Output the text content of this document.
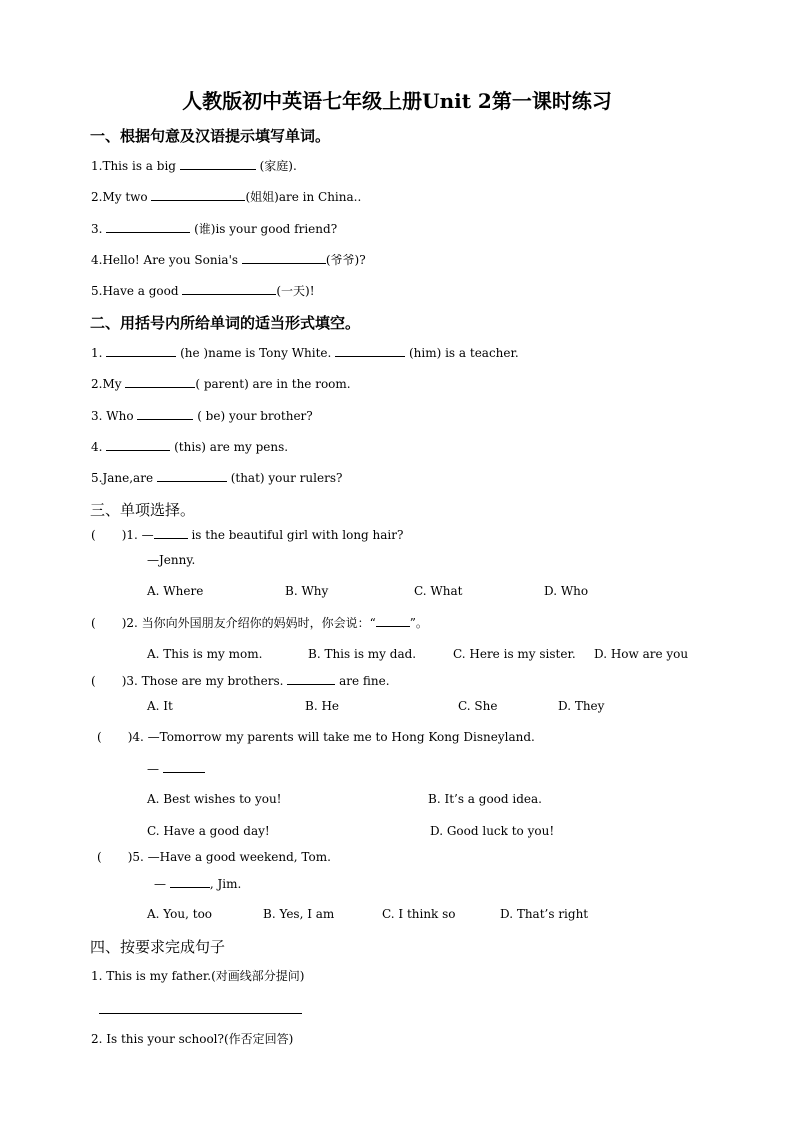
人教版初中英语七年级上册Unit 2第一课时练习
一、根据句意及汉语提示填写单词。
1.This is a big	(家庭).
2.My two	(姐姐)are in China..
3.	(谁)is your good friend?
4.Hello! Are you Sonia's	(爷爷)?
5.Have a good	(一天)!
二、用括号内所给单词的适当形式填空。
1.	(he )name is Tony White.	(him) is a teacher.
2.My	( parent) are in the room.
3. Who	( be) your brother?
4.	(this) are my pens.
5.Jane,are	(that) your rulers?
三、单项选择。
( )1. —	is the beautiful girl with long hair?
—Jenny.
A. Where	B. Why	C. What	D. Who
( )2. 当你向外国朋友介绍你的妈妈时，你会说：“	”。
A. This is my mom.	B. This is my dad.	C. Here is my sister. D. How are you
( )3. Those are my brothers.	are fine.
A. It	B. He	C. She	D. They
( )4. —Tomorrow my parents will take me to Hong Kong Disneyland.
—
A. Best wishes to you!	B. It’s a good idea.
C. Have a good day!	D. Good luck to you!
( )5. —Have a good weekend, Tom.
—	, Jim.
A. You, too	B. Yes, I am	C. I think so	D. That’s right
四、按要求完成句子
1. This is my father.(对画线部分提问)
2. Is this your school?(作否定回答)
